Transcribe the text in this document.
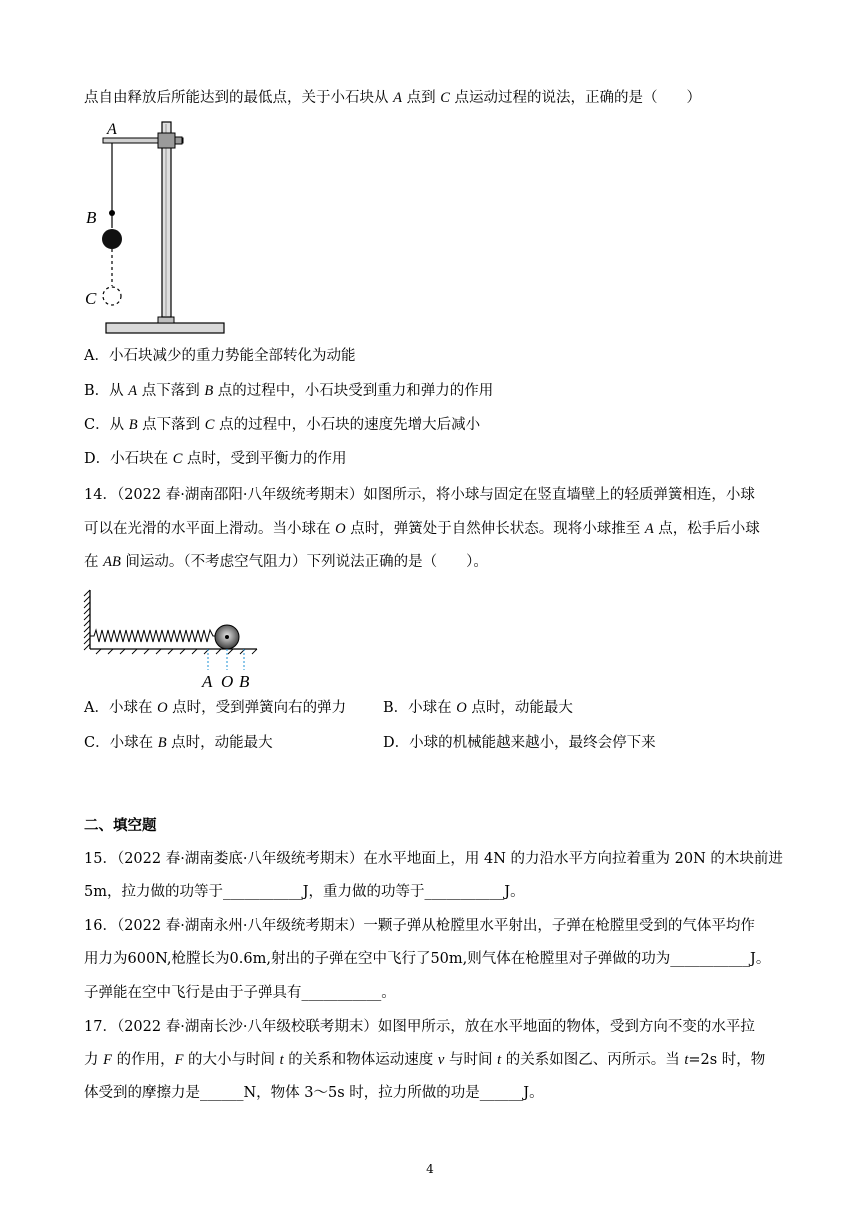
点自由释放后所能达到的最低点，关于小石块从 A 点到 C 点运动过程的说法，正确的是（　　）
A
B
C
A．小石块减少的重力势能全部转化为动能
B．从 A 点下落到 B 点的过程中，小石块受到重力和弹力的作用
C．从 B 点下落到 C 点的过程中，小石块的速度先增大后减小
D．小石块在 C 点时，受到平衡力的作用
14．（2022 春·湖南邵阳·八年级统考期末）如图所示，将小球与固定在竖直墙壁上的轻质弹簧相连，小球
可以在光滑的水平面上滑动。当小球在 O 点时，弹簧处于自然伸长状态。现将小球推至 A 点，松手后小球
在 AB 间运动。（不考虑空气阻力）下列说法正确的是（　　）。
A O B
A．小球在 O 点时，受到弹簧向右的弹力	B．小球在 O 点时，动能最大
C．小球在 B 点时，动能最大	D．小球的机械能越来越小，最终会停下来
二、填空题
15．（2022 春·湖南娄底·八年级统考期末）在水平地面上，用 4N 的力沿水平方向拉着重为 20N 的木块前进
5m，拉力做的功等于___________J，重力做的功等于___________J。
16．（2022 春·湖南永州·八年级统考期末）一颗子弹从枪膛里水平射出，子弹在枪膛里受到的气体平均作
用力为600N,枪膛长为0.6m,射出的子弹在空中飞行了50m,则气体在枪膛里对子弹做的功为___________J。
子弹能在空中飞行是由于子弹具有___________。
17．（2022 春·湖南长沙·八年级校联考期末）如图甲所示，放在水平地面的物体，受到方向不变的水平拉
力 F 的作用，F 的大小与时间 t 的关系和物体运动速度 v 与时间 t 的关系如图乙、丙所示。当 t=2s 时，物
体受到的摩擦力是______N，物体 3～5s 时，拉力所做的功是______J。
4
